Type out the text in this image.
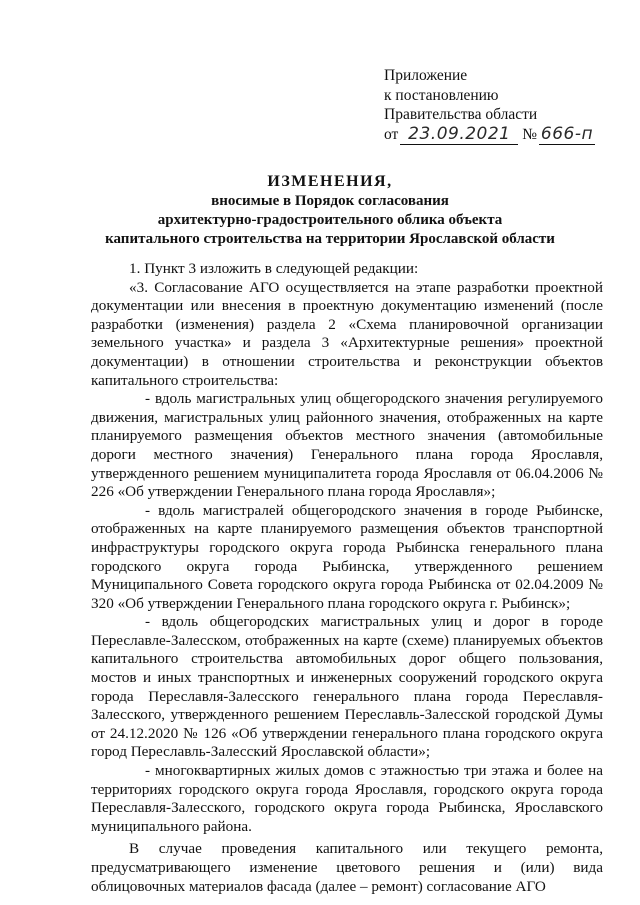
Приложение
к постановлению
Правительства области
от 23.09.2021 № 666-п
ИЗМЕНЕНИЯ,
вносимые в Порядок согласования
архитектурно-градостроительного облика объекта
капитального строительства на территории Ярославской области

1. Пункт 3 изложить в следующей редакции:

«3. Согласование АГО осуществляется на этапе разработки проектной документации или внесения в проектную документацию изменений (после разработки (изменения) раздела 2 «Схема планировочной организации земельного участка» и раздела 3 «Архитектурные решения» проектной документации) в отношении строительства и реконструкции объектов капитального строительства:

- вдоль магистральных улиц общегородского значения регулируемого движения, магистральных улиц районного значения, отображенных на карте планируемого размещения объектов местного значения (автомобильные дороги местного значения) Генерального плана города Ярославля, утвержденного решением муниципалитета города Ярославля от 06.04.2006 № 226 «Об утверждении Генерального плана города Ярославля»;

- вдоль магистралей общегородского значения в городе Рыбинске, отображенных на карте планируемого размещения объектов транспортной инфраструктуры городского округа города Рыбинска генерального плана городского округа города Рыбинска, утвержденного решением Муниципального Совета городского округа города Рыбинска от 02.04.2009 № 320 «Об утверждении Генерального плана городского округа г. Рыбинск»;

- вдоль общегородских магистральных улиц и дорог в городе Переславле-Залесском, отображенных на карте (схеме) планируемых объектов капитального строительства автомобильных дорог общего пользования, мостов и иных транспортных и инженерных сооружений городского округа города Переславля-Залесского генерального плана города Переславля-Залесского, утвержденного решением Переславль-Залесской городской Думы от 24.12.2020 № 126 «Об утверждении генерального плана городского округа город Переславль-Залесский Ярославской области»;

- многоквартирных жилых домов с этажностью три этажа и более на территориях городского округа города Ярославля, городского округа города Переславля-Залесского, городского округа города Рыбинска, Ярославского муниципального района.

В случае проведения капитального или текущего ремонта, предусматривающего изменение цветового решения и (или) вида облицовочных материалов фасада (далее – ремонт) согласование АГО
